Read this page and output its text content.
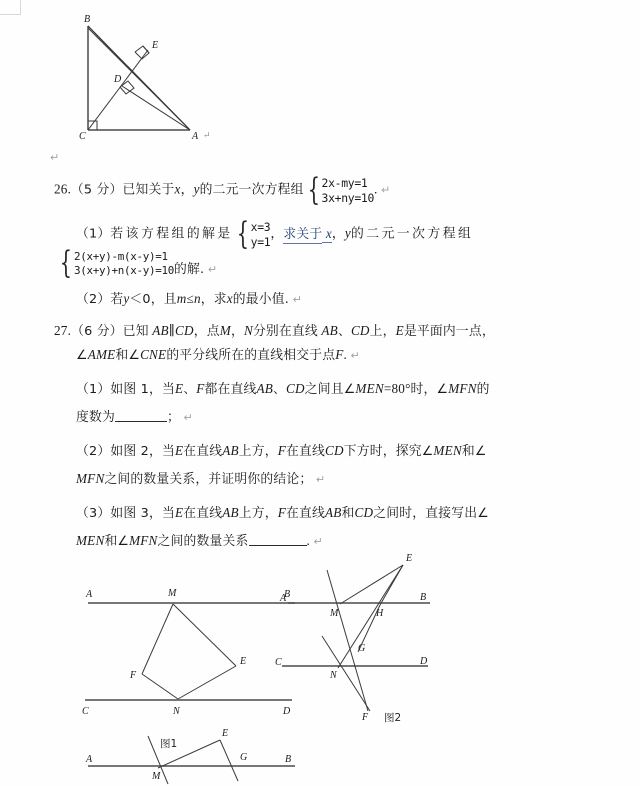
B
C	A
D
E
↵
↵
26.（5 分）已知关于x，y的二元一次方程组 { 2x-my=1
3x+ny=10
. ↵
（1）若该方程组的解是 { x=3
y=1 ，求关于 x，y的二元一次方程组
{ 2(x+y)-m(x-y)=1
3(x+y)+n(x-y)=10 的解. $_↵$
（2）若y＜0，且m≤n，求x的最小值. ↵
27.（6 分）已知 AB∥CD，点M，N分别在直线 AB、CD上，E是平面内一点，
∠AME和∠CNE的平分线所在的直线相交于点F. ↵
（1）如图 1，当E、F都在直线AB、CD之间且∠MEN=80°时，∠MFN的
度数为	； ↵
（2）如图 2，当E在直线AB上方，F在直线CD下方时，探究∠MEN和∠
MFN之间的数量关系，并证明你的结论； ↵
（3）如图 3，当E在直线AB上方，F在直线AB和CD之间时，直接写出∠
MEN和∠MFN之间的数量关系	. ↵
A	M	B
C	N	D
E
F
图1
E
A	B
M	H
G
C	D
N
F 图2
A	B
M
E
G
